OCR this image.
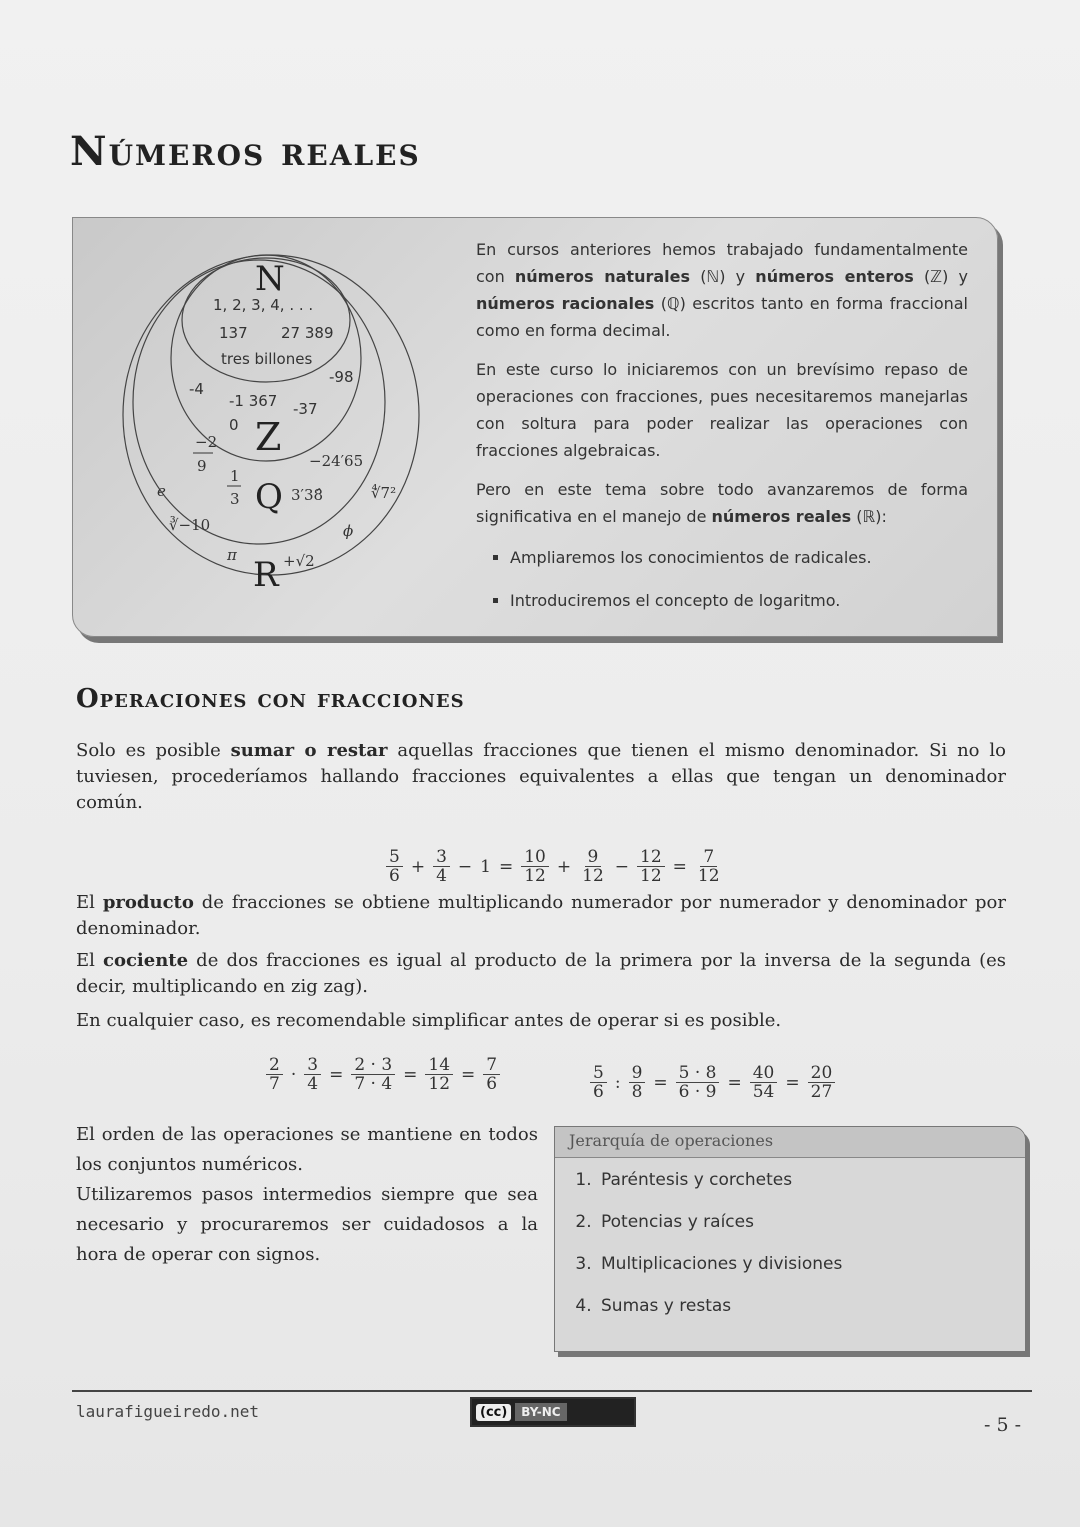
Números reales
N
Z
Q
R
1, 2, 3, 4, . . .
137 27 389
tres billones
-4
-98
-1 367 -37
0
−2
9
1
3	3′38̂
−24′65
e
∛−10
π	+√2
∜7²
ϕ

En cursos anteriores hemos trabajado fundamentalmente con números naturales (ℕ) y números enteros (ℤ) y números racionales (ℚ) escritos tanto en forma fraccional como en forma decimal.

En este curso lo iniciaremos con un brevísimo repaso de operaciones con fracciones, pues necesitaremos manejarlas con soltura para poder realizar las operaciones con fracciones algebraicas.

Pero en este tema sobre todo avanzaremos de forma significativa en el manejo de números reales (ℝ):

▪ Ampliaremos los conocimientos de radicales.
▪ Introduciremos el concepto de logaritmo.
Operaciones con fracciones

Solo es posible sumar o restar aquellas fracciones que tienen el mismo denominador. Si no lo tuviesen, procederíamos hallando fracciones equivalentes a ellas que tengan un denominador común.

$\frac{5}{6} + \frac{3}{4} - 1 = \frac{10}{12} + \frac{9}{12} - \frac{12}{12} = \frac{7}{12}$

El producto de fracciones se obtiene multiplicando numerador por numerador y denominador por denominador.

El cociente de dos fracciones es igual al producto de la primera por la inversa de la segunda (es decir, multiplicando en zig zag).

En cualquier caso, es recomendable simplificar antes de operar si es posible.

$\frac{2}{7} \cdot \frac{3}{4} = \frac{2 \cdot 3}{7 \cdot 4} = \frac{14}{12} = \frac{7}{6}$	$\frac{5}{6}$ : $\frac{9}{8} = \frac{5 \cdot 8}{6 \cdot 9} = \frac{40}{54} = \frac{20}{27}$

El orden de las operaciones se mantiene en todos los conjuntos numéricos.

Utilizaremos pasos intermedios siempre que sea necesario y procuraremos ser cuidadosos a la hora de operar con signos.

Jerarquía de operaciones
1. Paréntesis y corchetes
2. Potencias y raíces
3. Multiplicaciones y divisiones
4. Sumas y restas
laurafigueiredo.net	(cc)	BY-NC
- 5 -
